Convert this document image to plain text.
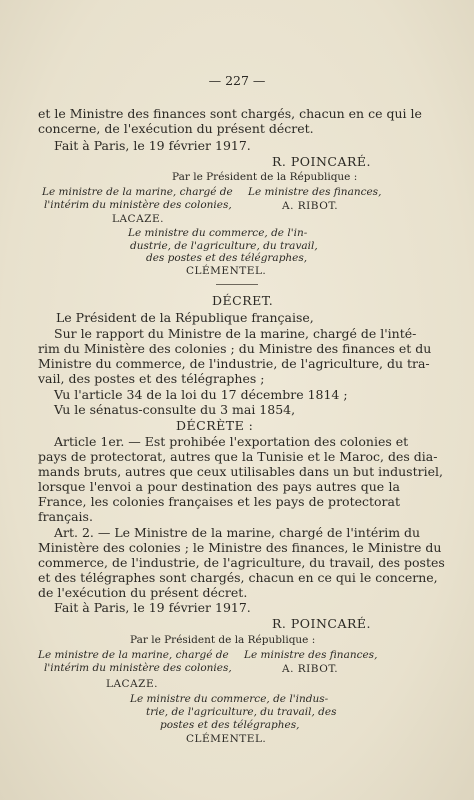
— 227 —
et le Ministre des finances sont chargés, chacun en ce qui le
concerne, de l'exécution du présent décret.
Fait à Paris, le 19 février 1917.
R. POINCARÉ.
Par le Président de la République :
Le ministre de la marine, chargé de
l'intérim du ministère des colonies,
Le ministre des finances,
A. RIBOT.
LACAZE.
Le ministre du commerce, de l'in-
dustrie, de l'agriculture, du travail,
des postes et des télégraphes,
CLÉMENTEL.
DÉCRET.
Le Président de la République française,
Sur le rapport du Ministre de la marine, chargé de l'inté-
rim du Ministère des colonies ; du Ministre des finances et du
Ministre du commerce, de l'industrie, de l'agriculture, du tra-
vail, des postes et des télégraphes ;
Vu l'article 34 de la loi du 17 décembre 1814 ;
Vu le sénatus-consulte du 3 mai 1854,
DÉCRÈTE :
Article 1er. — Est prohibée l'exportation des colonies et
pays de protectorat, autres que la Tunisie et le Maroc, des dia-
mands bruts, autres que ceux utilisables dans un but industriel,
lorsque l'envoi a pour destination des pays autres que la
France, les colonies françaises et les pays de protectorat
français.
Art. 2. — Le Ministre de la marine, chargé de l'intérim du
Ministère des colonies ; le Ministre des finances, le Ministre du
commerce, de l'industrie, de l'agriculture, du travail, des postes
et des télégraphes sont chargés, chacun en ce qui le concerne,
de l'exécution du présent décret.
Fait à Paris, le 19 février 1917.
R. POINCARÉ.
Par le Président de la République :
Le ministre de la marine, chargé de
l'intérim du ministère des colonies,
Le ministre des finances,
A. RIBOT.
LACAZE.
Le ministre du commerce, de l'indus-
trie, de l'agriculture, du travail, des
postes et des télégraphes,
CLÉMENTEL.
